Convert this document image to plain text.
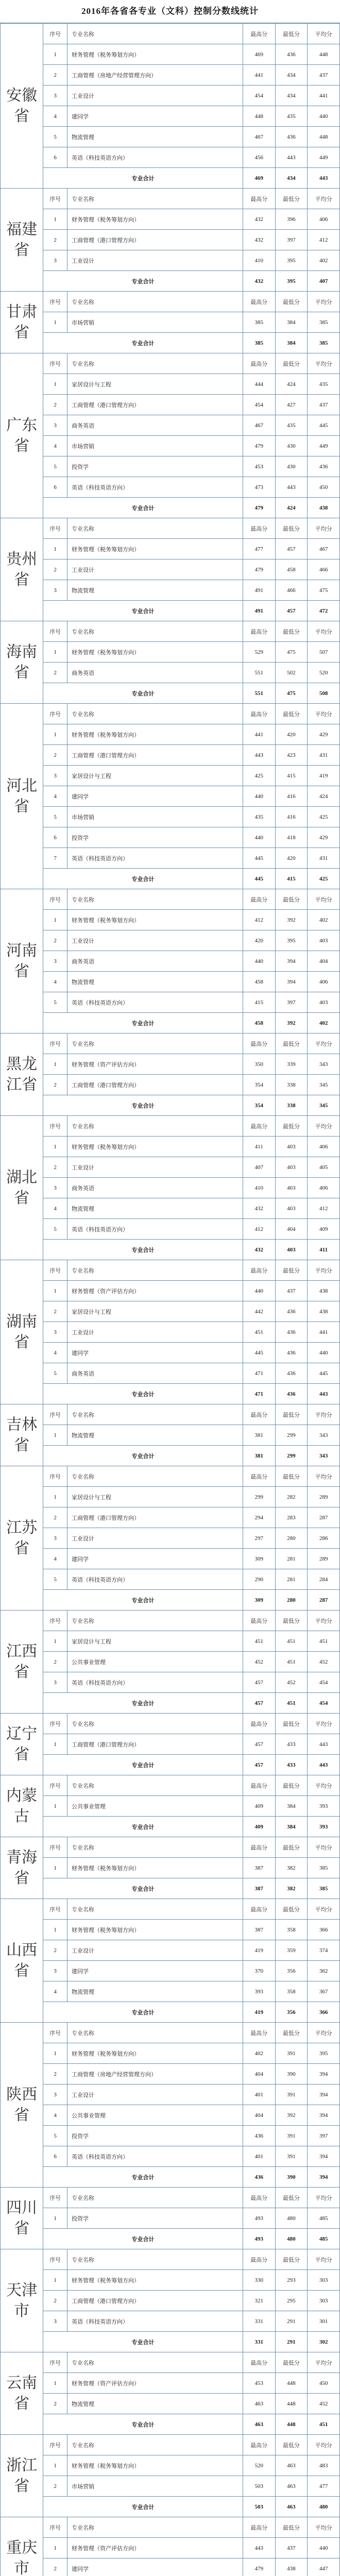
2016年各省各专业（文科）控制分数线统计
安徽省	序号	专业名称	最高分	最低分	平均分
	1	财务管理（税务筹划方向）	469	436	448
	2	工商管理（房地产经营管理方向）	441	434	437
	3	工业设计	454	434	441
	4	建同学	448	435	440
	5	物流管理	467	436	448
	6	英语（科技英语方向）	456	443	449
	专业合计		469	434	443
福建省	序号	专业名称	最高分	最低分	平均分
	1	财务管理（税务筹划方向）	432	396	406
	2	工商管理（港口管理方向）	432	397	412
	3	工业设计	410	395	402
	专业合计		432	395	407
甘肃省	序号	专业名称	最高分	最低分	平均分
	1	市场营销	385	384	385
	专业合计		385	384	385
广东省	序号	专业名称	最高分	最低分	平均分
	1	家居设计与工程	444	424	435
	2	工商管理（港口管理方向）	454	427	437
	3	商务英语	467	435	445
	4	市场营销	479	430	449
	5	投资学	453	430	436
	6	英语（科技英语方向）	473	443	450
	专业合计		479	424	438
贵州省	序号	专业名称	最高分	最低分	平均分
	1	财务管理（税务筹划方向）	477	457	467
	2	工业设计	479	458	466
	3	物流管理	491	466	475
	专业合计		491	457	472
海南省	序号	专业名称	最高分	最低分	平均分
	1	财务管理（税务筹划方向）	529	475	507
	2	商务英语	551	502	520
	专业合计		551	475	508
河北省	序号	专业名称	最高分	最低分	平均分
	1	财务管理（税务筹划方向）	441	420	429
	2	工商管理（港口管理方向）	443	423	431
	3	家居设计与工程	425	415	419
	4	建同学	440	416	424
	5	市场营销	435	416	425
	6	投资学	440	418	429
	7	英语（科技英语方向）	445	420	431
	专业合计		445	415	425
河南省	序号	专业名称	最高分	最低分	平均分
	1	财务管理（税务筹划方向）	412	392	402
	2	工业设计	420	395	403
	3	商务英语	440	394	404
	4	物流管理	458	394	406
	5	英语（科技英语方向）	415	397	403
	专业合计		458	392	402
黑龙江省	序号	专业名称	最高分	最低分	平均分
	1	财务管理（资产评估方向）	350	339	343
	2	工商管理（港口管理方向）	354	338	345
	专业合计		354	338	345
湖北省	序号	专业名称	最高分	最低分	平均分
	1	财务管理（税务筹划方向）	411	403	406
	2	工业设计	407	403	405
	3	商务英语	410	403	406
	4	物流管理	432	403	412
	5	英语（科技英语方向）	412	404	409
	专业合计		432	403	411
湖南省	序号	专业名称	最高分	最低分	平均分
	1	财务管理（资产评估方向）	440	437	438
	2	家居设计与工程	442	436	438
	3	工业设计	451	436	441
	4	建同学	445	436	440
	5	商务英语	471	436	445
	专业合计		471	436	443
吉林省	序号	专业名称	最高分	最低分	平均分
	1	物流管理	381	299	343
	专业合计		381	299	343
江苏省	序号	专业名称	最高分	最低分	平均分
	1	家居设计与工程	299	282	289
	2	工商管理（港口管理方向）	294	283	287
	3	工业设计	297	280	286
	4	建同学	309	281	289
	5	英语（科技英语方向）	290	281	284
	专业合计		309	280	287
江西省	序号	专业名称	最高分	最低分	平均分
	1	家居设计与工程	451	451	451
	2	公共事业管理	452	451	452
	3	英语（科技英语方向）	457	452	454
	专业合计		457	451	454
辽宁省	序号	专业名称	最高分	最低分	平均分
	1	工商管理（港口管理方向）	457	433	443
	专业合计		457	433	443
内蒙古	序号	专业名称	最高分	最低分	平均分
	1	公共事业管理	409	384	393
	专业合计		409	384	393
青海省	序号	专业名称	最高分	最低分	平均分
	1	财务管理（税务筹划方向）	387	382	385
	专业合计		387	382	385
山西省	序号	专业名称	最高分	最低分	平均分
	1	财务管理（税务筹划方向）	387	358	366
	2	工业设计	419	359	374
	3	建同学	370	356	362
	4	物流管理	393	358	367
	专业合计		419	356	366
陕西省	序号	专业名称	最高分	最低分	平均分
	1	财务管理（税务筹划方向）	402	391	395
	2	工商管理（房地产经营管理方向）	404	390	394
	3	工业设计	401	391	394
	4	公共事业管理	404	392	394
	5	投资学	436	391	397
	6	英语（科技英语方向）	401	391	394
	专业合计		436	390	394
四川省	序号	专业名称	最高分	最低分	平均分
	1	投资学	493	480	485
	专业合计		493	480	485
天津市	序号	专业名称	最高分	最低分	平均分
	1	财务管理（税务筹划方向）	330	293	303
	2	工商管理（港口管理方向）	321	295	303
	3	英语（科技英语方向）	331	291	301
	专业合计		331	291	302
云南省	序号	专业名称	最高分	最低分	平均分
	1	财务管理（资产评估方向）	453	448	450
	2	物流管理	463	448	452
	专业合计		463	448	451
浙江省	序号	专业名称	最高分	最低分	平均分
	1	财务管理（税务筹划方向）	520	463	483
	2	市场营销	503	463	477
	专业合计		503	463	480
重庆市	序号	专业名称	最高分	最低分	平均分
	1	财务管理（资产评估方向）	443	437	440
	2	建同学	479	438	447
